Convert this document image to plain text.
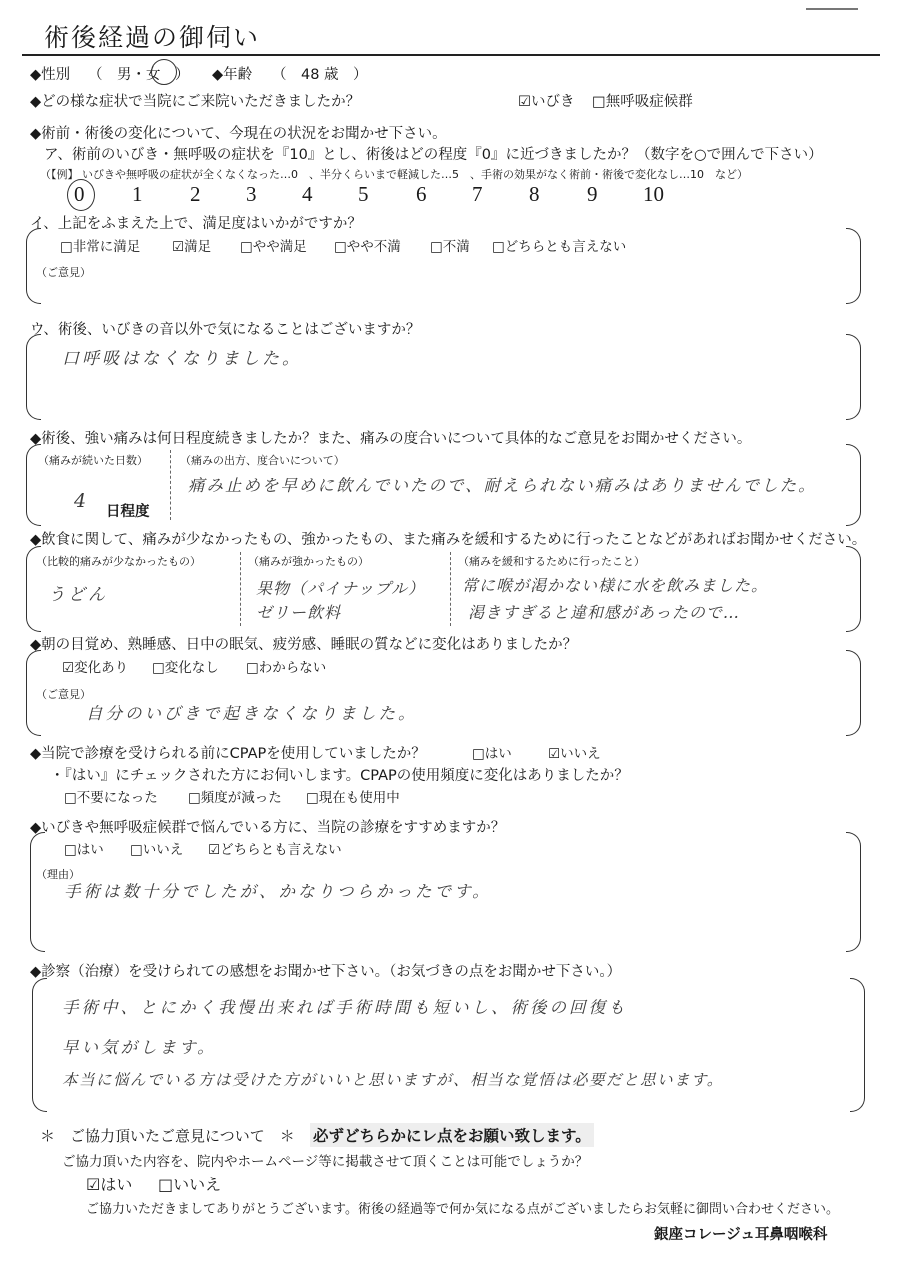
術後経過の御伺い
◆性別 （　男・女　） ◆年齢 （　48 歳　）
◆どの様な症状で当院にご来院いただきましたか？	☑いびき □無呼吸症候群
◆術前・術後の変化について、今現在の状況をお聞かせ下さい。
ア、術前のいびき・無呼吸の症状を『10』とし、術後はどの程度『0』に近づきましたか？（数字を○で囲んで下さい）
（【例】 いびきや無呼吸の症状が全くなくなった…0　、半分くらいまで軽減した…5　、手術の効果がなく術前・術後で変化なし…10　など）
0 1 2 3 4 5 6 7 8 9 10
イ、上記をふまえた上で、満足度はいかがですか？
□非常に満足 ☑満足 □やや満足 □やや不満 □不満 □どちらとも言えない
（ご意見）
ウ、術後、いびきの音以外で気になることはございますか？
口呼吸はなくなりました。
◆術後、強い痛みは何日程度続きましたか？また、痛みの度合いについて具体的なご意見をお聞かせください。
（痛みが続いた日数）
4 日程度
（痛みの出方、度合いについて）
痛み止めを早めに飲んでいたので、耐えられない痛みはありませんでした。
◆飲食に関して、痛みが少なかったもの、強かったもの、また痛みを緩和するために行ったことなどがあればお聞かせください。
（比較的痛みが少なかったもの）
うどん
（痛みが強かったもの）
果物（パイナップル）
ゼリー飲料
（痛みを緩和するために行ったこと）
常に喉が渇かない様に水を飲みました。
渇きすぎると違和感があったので…
◆朝の目覚め、熟睡感、日中の眠気、疲労感、睡眠の質などに変化はありましたか？
☑変化あり □変化なし □わからない
（ご意見）
自分のいびきで起きなくなりました。
◆当院で診療を受けられる前にCPAPを使用していましたか？	□はい	☑いいえ
・『はい』にチェックされた方にお伺いします。CPAPの使用頻度に変化はありましたか？
□不要になった □頻度が減った □現在も使用中
◆いびきや無呼吸症候群で悩んでいる方に、当院の診療をすすめますか？
□はい □いいえ ☑どちらとも言えない
（理由）
手術は数十分でしたが、かなりつらかったです。
◆診察（治療）を受けられての感想をお聞かせ下さい。（お気づきの点をお聞かせ下さい。）
手術中、とにかく我慢出来れば手術時間も短いし、術後の回復も
早い気がします。
本当に悩んでいる方は受けた方がいいと思いますが、相当な覚悟は必要だと思います。
＊　ご協力頂いたご意見について　＊ 必ずどちらかにレ点をお願い致します。
ご協力頂いた内容を、院内やホームページ等に掲載させて頂くことは可能でしょうか？
☑はい □いいえ
ご協力いただきましてありがとうございます。術後の経過等で何か気になる点がございましたらお気軽に御問い合わせください。
銀座コレージュ耳鼻咽喉科
